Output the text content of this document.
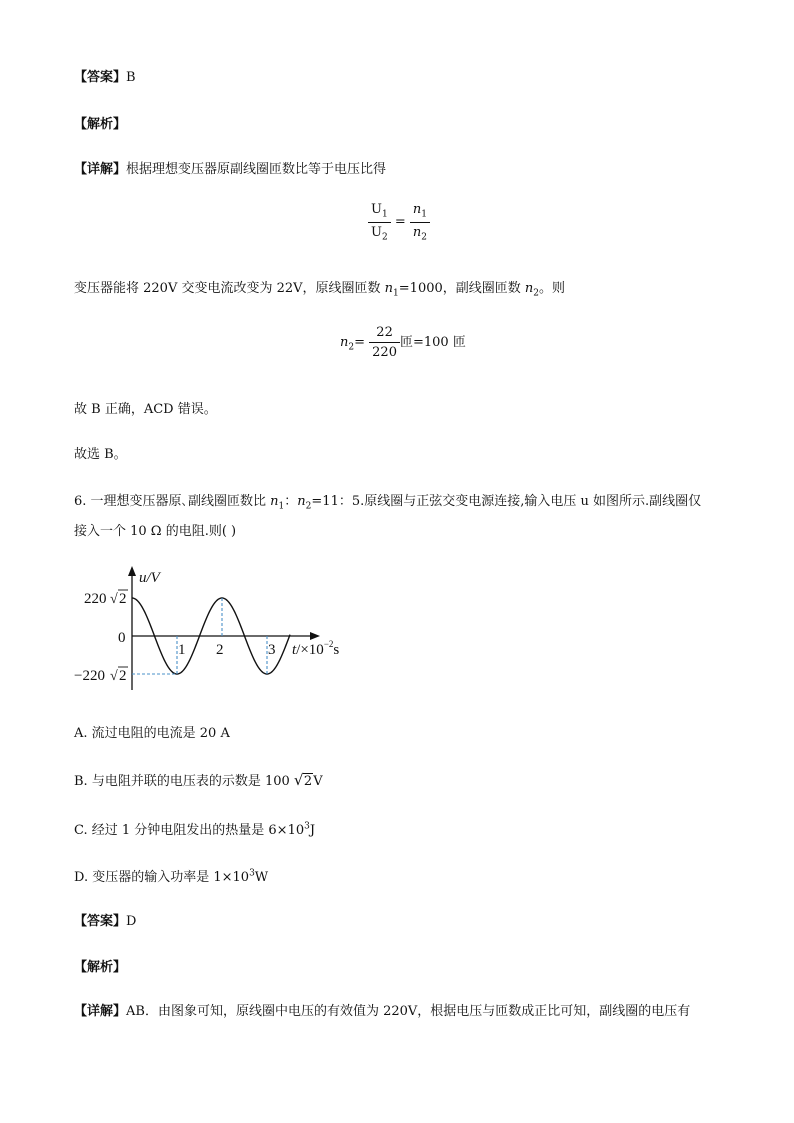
【答案】B
【解析】
【详解】根据理想变压器原副线圈匝数比等于电压比得
$\frac{U_1}{U_2} = \frac{n_1}{n_2}$
变压器能将 220V 交变电流改变为 22V，原线圈匝数 $n_1=1000$，副线圈匝数 $n_2$。则
$n_2= \frac{22}{220}$ 匝=100 匝
故 B 正确，ACD 错误。
故选 B。
6. 一理想变压器原､副线圈匝数比 $n_1$：$n_2=11$：5.原线圈与正弦交变电源连接,输入电压 u 如图所示.副线圈仅
接入一个 10 Ω 的电阻.则( )
u/V
220 √ 2
0
−220 √ 2
1 2	3 $t/\times 10^{-2}s$
A. 流过电阻的电流是 20 A
B. 与电阻并联的电压表的示数是 100 √ 2V
C. 经过 1 分钟电阻发出的热量是 $6\times 10^3J$
D. 变压器的输入功率是 $1\times 10^3W$
【答案】D
【解析】
【详解】AB．由图象可知，原线圈中电压的有效值为 220V，根据电压与匝数成正比可知，副线圈的电压有
